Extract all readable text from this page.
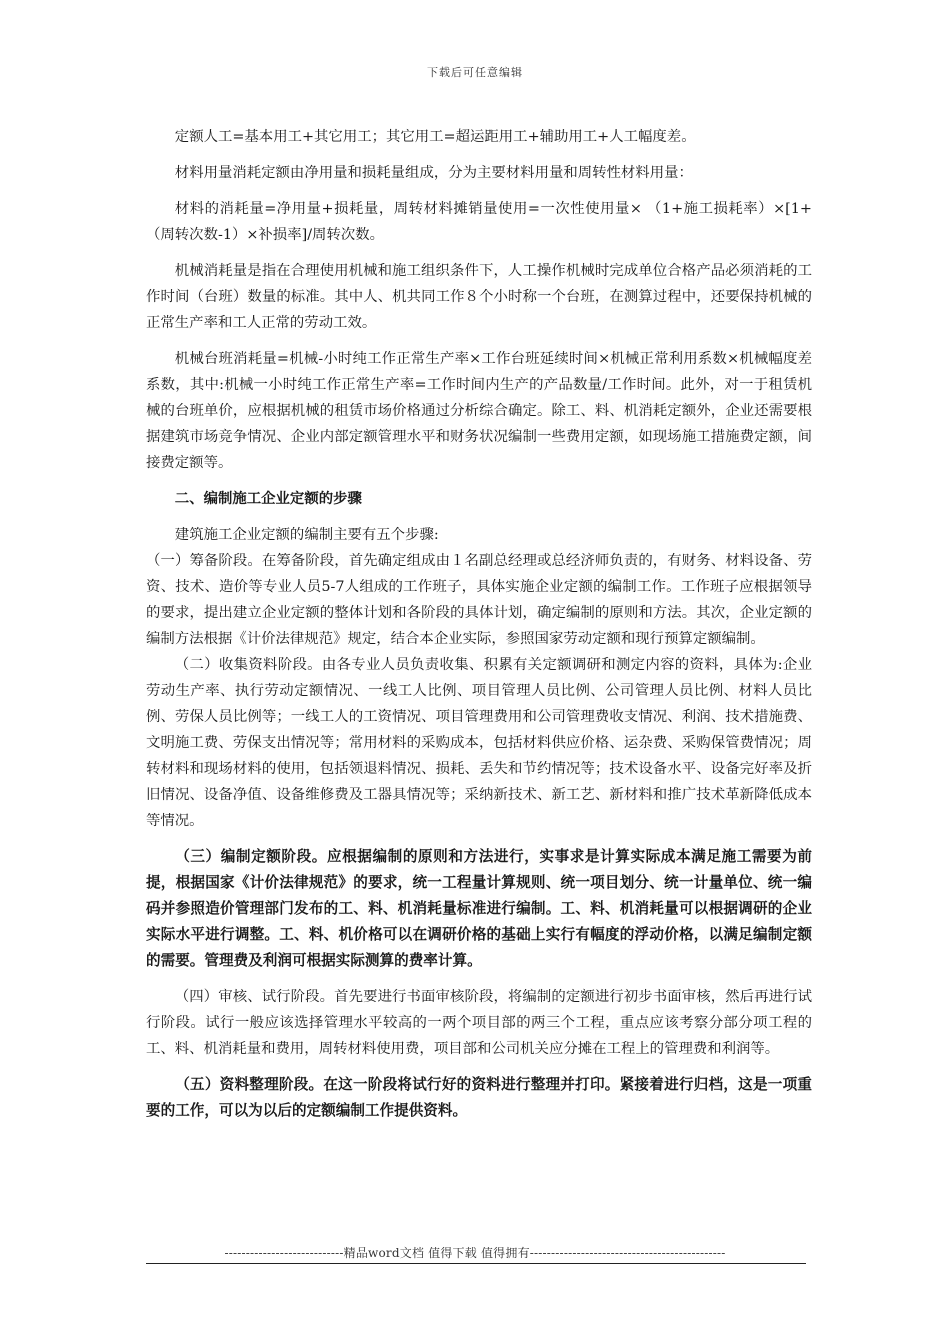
下载后可任意编辑

定额人工=基本用工+其它用工；其它用工=超运距用工+辅助用工+人工幅度差。

材料用量消耗定额由净用量和损耗量组成，分为主要材料用量和周转性材料用量：

材料的消耗量=净用量+损耗量，周转材料摊销量使用=一次性使用量× （1+施工损耗率）×[1+（周转次数-1）×补损率]/周转次数。

机械消耗量是指在合理使用机械和施工组织条件下，人工操作机械时完成单位合格产品必须消耗的工作时间（台班）数量的标准。其中人、机共同工作８个小时称一个台班，在测算过程中，还要保持机械的正常生产率和工人正常的劳动工效。

机械台班消耗量=机械-小时纯工作正常生产率×工作台班延续时间×机械正常利用系数×机械幅度差系数，其中:机械一小时纯工作正常生产率=工作时间内生产的产品数量/工作时间。此外，对一于租赁机械的台班单价，应根据机械的租赁市场价格通过分析综合确定。除工、料、机消耗定额外，企业还需要根据建筑市场竞争情况、企业内部定额管理水平和财务状况编制一些费用定额，如现场施工措施费定额，间接费定额等。

二、编制施工企业定额的步骤

建筑施工企业定额的编制主要有五个步骤:

（一）筹备阶段。在筹备阶段，首先确定组成由１名副总经理或总经济师负责的，有财务、材料设备、劳资、技术、造价等专业人员5-7人组成的工作班子，具体实施企业定额的编制工作。工作班子应根据领导的要求，提出建立企业定额的整体计划和各阶段的具体计划，确定编制的原则和方法。其次，企业定额的编制方法根据《计价法律规范》规定，结合本企业实际，参照国家劳动定额和现行预算定额编制。

（二）收集资料阶段。由各专业人员负责收集、积累有关定额调研和测定内容的资料，具体为:企业劳动生产率、执行劳动定额情况、一线工人比例、项目管理人员比例、公司管理人员比例、材料人员比例、劳保人员比例等；一线工人的工资情况、项目管理费用和公司管理费收支情况、利润、技术措施费、文明施工费、劳保支出情况等；常用材料的采购成本，包括材料供应价格、运杂费、采购保管费情况；周转材料和现场材料的使用，包括领退料情况、损耗、丢失和节约情况等；技术设备水平、设备完好率及折旧情况、设备净值、设备维修费及工器具情况等；采纳新技术、新工艺、新材料和推广技术革新降低成本等情况。

（三）编制定额阶段。应根据编制的原则和方法进行，实事求是计算实际成本满足施工需要为前提，根据国家《计价法律规范》的要求，统一工程量计算规则、统一项目划分、统一计量单位、统一编码并参照造价管理部门发布的工、料、机消耗量标准进行编制。工、料、机消耗量可以根据调研的企业实际水平进行调整。工、料、机价格可以在调研价格的基础上实行有幅度的浮动价格，以满足编制定额的需要。管理费及利润可根据实际测算的费率计算。

（四）审核、试行阶段。首先要进行书面审核阶段，将编制的定额进行初步书面审核，然后再进行试行阶段。试行一般应该选择管理水平较高的一两个项目部的两三个工程，重点应该考察分部分项工程的工、料、机消耗量和费用，周转材料使用费，项目部和公司机关应分摊在工程上的管理费和利润等。

（五）资料整理阶段。在这一阶段将试行好的资料进行整理并打印。紧接着进行归档，这是一项重要的工作，可以为以后的定额编制工作提供资料。

----------------------------精品word文档 值得下载 值得拥有----------------------------------------------
